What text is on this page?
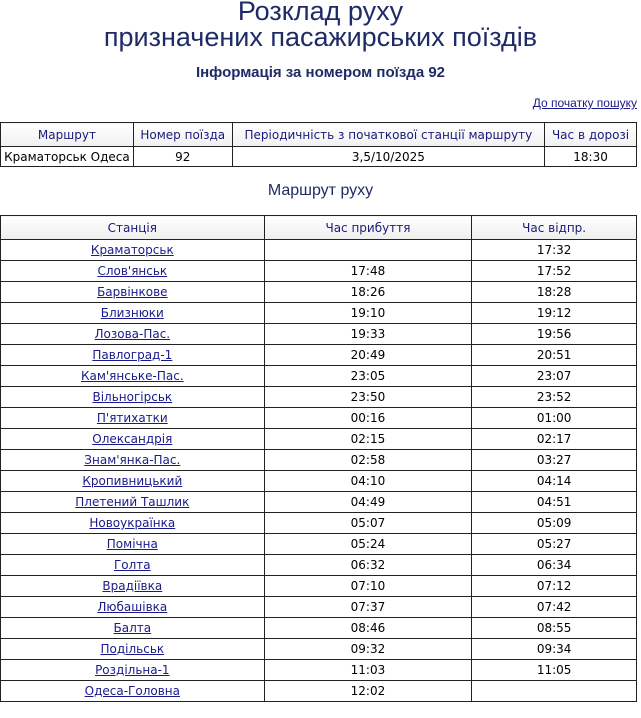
Розклад руху
призначених пасажирських поїздів
Інформація за номером поїзда 92
До початку пошуку
Маршрут	Номер поїзда	Періодичність з початкової станції маршруту	Час в дорозі
Краматорськ Одеса	92	3,5/10/2025	18:30
Маршрут руху
Станція	Час прибуття	Час відпр.
Краматорськ		17:32
Слов'янськ	17:48	17:52
Барвінкове	18:26	18:28
Близнюки	19:10	19:12
Лозова-Пас.	19:33	19:56
Павлоград-1	20:49	20:51
Кам'янське-Пас.	23:05	23:07
Вільногірськ	23:50	23:52
П'ятихатки	00:16	01:00
Олександрія	02:15	02:17
Знам'янка-Пас.	02:58	03:27
Кропивницький	04:10	04:14
Плетений Ташлик	04:49	04:51
Новоукраїнка	05:07	05:09
Помічна	05:24	05:27
Голта	06:32	06:34
Врадіївка	07:10	07:12
Любашівка	07:37	07:42
Балта	08:46	08:55
Подільськ	09:32	09:34
Роздільна-1	11:03	11:05
Одеса-Головна	12:02	
